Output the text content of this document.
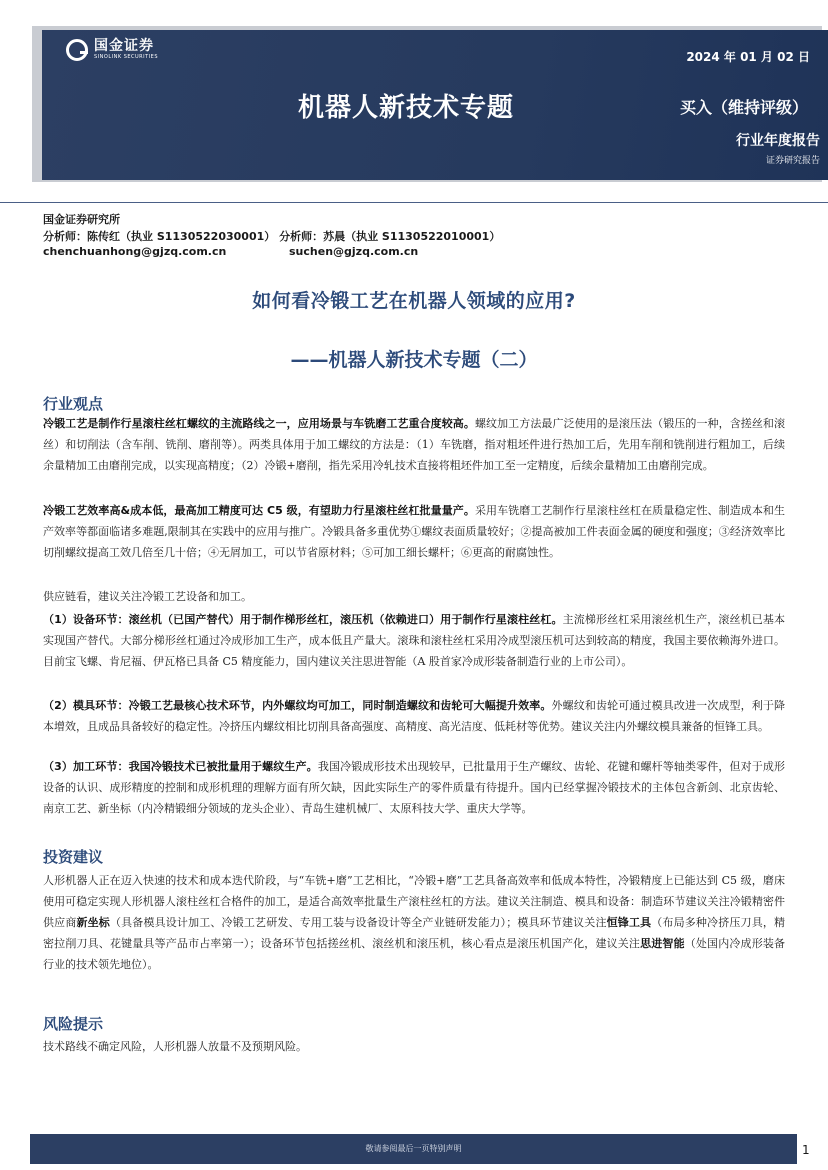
国金证券
SINOLINK SECURITIES	2024 年 01 月 02 日
机器人新技术专题	买入（维持评级）
行业年度报告
证券研究报告
国金证券研究所
分析师：陈传红（执业 S1130522030001） 分析师：苏晨（执业 S1130522010001）
chenchuanhong@gjzq.com.cn	suchen@gjzq.com.cn
如何看冷锻工艺在机器人领域的应用?
——机器人新技术专题（二）
行业观点
冷锻工艺是制作行星滚柱丝杠螺纹的主流路线之一，应用场景与车铣磨工艺重合度较高。螺纹加工方法最广泛使用的是滚压法（锻压的一种，含搓丝和滚丝）和切削法（含车削、铣削、磨削等）。两类具体用于加工螺纹的方法是：（1）车铣磨，指对粗坯件进行热加工后，先用车削和铣削进行粗加工，后续余量精加工由磨削完成，以实现高精度；（2）冷锻+磨削，指先采用冷轧技术直接将粗坯件加工至一定精度，后续余量精加工由磨削完成。
冷锻工艺效率高&成本低，最高加工精度可达 C5 级，有望助力行星滚柱丝杠批量量产。采用车铣磨工艺制作行星滚柱丝杠在质量稳定性、制造成本和生产效率等都面临诸多难题,限制其在实践中的应用与推广。冷锻具备多重优势①螺纹表面质量较好；②提高被加工件表面金属的硬度和强度；③经济效率比切削螺纹提高工效几倍至几十倍；④无屑加工，可以节省原材料；⑤可加工细长螺杆；⑥更高的耐腐蚀性。
供应链看，建议关注冷锻工艺设备和加工。
（1）设备环节：滚丝机（已国产替代）用于制作梯形丝杠，滚压机（依赖进口）用于制作行星滚柱丝杠。主流梯形丝杠采用滚丝机生产，滚丝机已基本实现国产替代。大部分梯形丝杠通过冷成形加工生产，成本低且产量大。滚珠和滚柱丝杠采用冷成型滚压机可达到较高的精度，我国主要依赖海外进口。目前宝飞螺、肯尼福、伊瓦格已具备 C5 精度能力，国内建议关注思进智能（A 股首家冷成形装备制造行业的上市公司）。
（2）模具环节：冷锻工艺最核心技术环节，内外螺纹均可加工，同时制造螺纹和齿轮可大幅提升效率。外螺纹和齿轮可通过模具改进一次成型，利于降本增效，且成品具备较好的稳定性。冷挤压内螺纹相比切削具备高强度、高精度、高光洁度、低耗材等优势。建议关注内外螺纹模具兼备的恒锋工具。
（3）加工环节：我国冷锻技术已被批量用于螺纹生产。我国冷锻成形技术出现较早，已批量用于生产螺纹、齿轮、花键和螺杆等轴类零件，但对于成形设备的认识、成形精度的控制和成形机理的理解方面有所欠缺，因此实际生产的零件质量有待提升。国内已经掌握冷锻技术的主体包含新剑、北京齿轮、南京工艺、新坐标（内冷精锻细分领域的龙头企业）、青岛生建机械厂、太原科技大学、重庆大学等。
投资建议
人形机器人正在迈入快速的技术和成本迭代阶段，与“车铣+磨”工艺相比，“冷锻+磨”工艺具备高效率和低成本特性，冷锻精度上已能达到 C5 级，磨床使用可稳定实现人形机器人滚柱丝杠合格件的加工，是适合高效率批量生产滚柱丝杠的方法。建议关注制造、模具和设备：制造环节建议关注冷锻精密件供应商新坐标（具备模具设计加工、冷锻工艺研发、专用工装与设备设计等全产业链研发能力）；模具环节建议关注恒锋工具（布局多种冷挤压刀具，精密拉削刀具、花键量具等产品市占率第一）；设备环节包括搓丝机、滚丝机和滚压机，核心看点是滚压机国产化，建议关注思进智能（处国内冷成形装备行业的技术领先地位）。
风险提示
技术路线不确定风险，人形机器人放量不及预期风险。
敬请参阅最后一页特别声明	1
